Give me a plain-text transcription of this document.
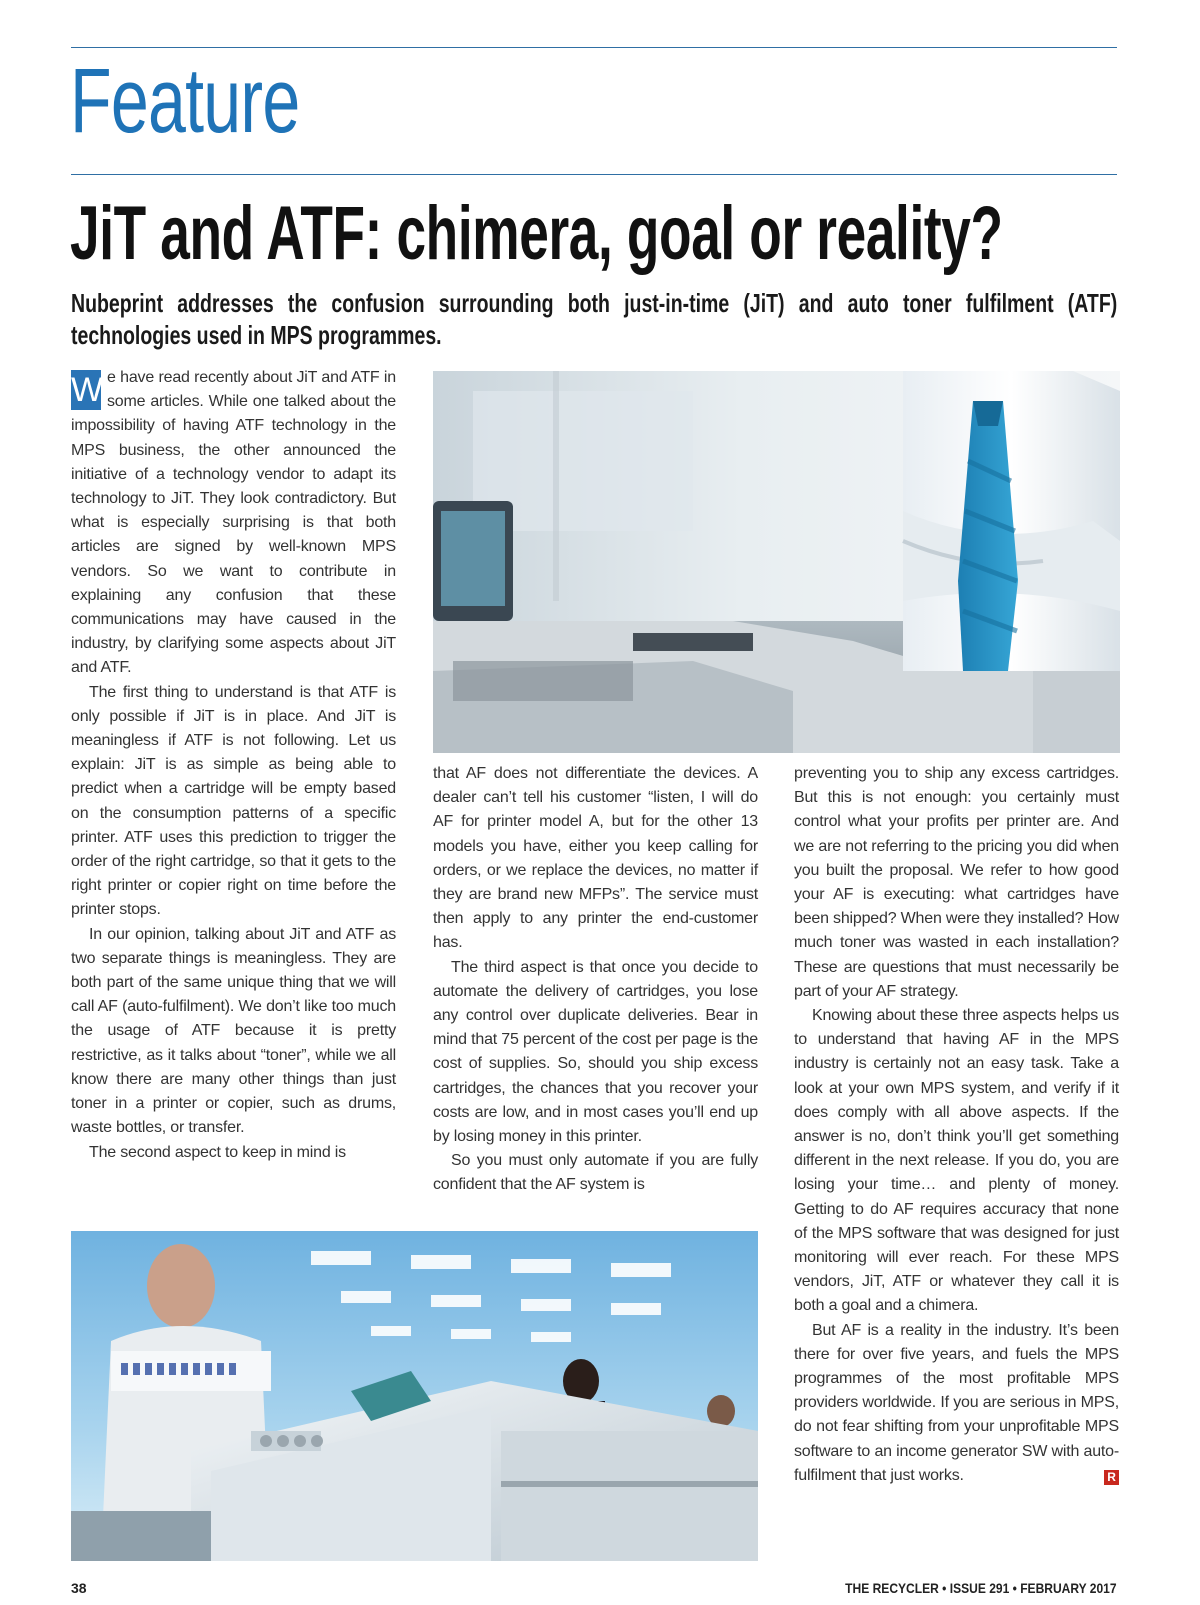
Feature
JiT and ATF: chimera, goal or reality?

Nubeprint addresses the confusion surrounding both just-in-time (JiT) and auto toner fulfilment (ATF) technologies used in MPS programmes.

W e have read recently about JiT and ATF in some articles. While one talked about the impossibility of having ATF technology in the MPS business, the other announced the initiative of a technology vendor to adapt its technology to JiT. They look contradictory. But what is especially surprising is that both articles are signed by well-known MPS vendors. So we want to contribute in explaining any confusion that these communications may have caused in the industry, by clarifying some aspects about JiT and ATF.

The first thing to understand is that ATF is only possible if JiT is in place. And JiT is meaningless if ATF is not following. Let us explain: JiT is as simple as being able to predict when a cartridge will be empty based on the consumption patterns of a specific printer. ATF uses this prediction to trigger the order of the right cartridge, so that it gets to the right printer or copier right on time before the printer stops.

In our opinion, talking about JiT and ATF as two separate things is meaningless. They are both part of the same unique thing that we will call AF (auto-fulfilment). We don’t like too much the usage of ATF because it is pretty restrictive, as it talks about “toner”, while we all know there are many other things than just toner in a printer or copier, such as drums, waste bottles, or transfer.

The second aspect to keep in mind is

that AF does not differentiate the devices. A dealer can’t tell his customer “listen, I will do AF for printer model A, but for the other 13 models you have, either you keep calling for orders, or we replace the devices, no matter if they are brand new MFPs”. The service must then apply to any printer the end-customer has.

The third aspect is that once you decide to automate the delivery of cartridges, you lose any control over duplicate deliveries. Bear in mind that 75 percent of the cost per page is the cost of supplies. So, should you ship excess cartridges, the chances that you recover your costs are low, and in most cases you’ll end up by losing money in this printer.

So you must only automate if you are fully confident that the AF system is

preventing you to ship any excess cartridges. But this is not enough: you certainly must control what your profits per printer are. And we are not referring to the pricing you did when you built the proposal. We refer to how good your AF is executing: what cartridges have been shipped? When were they installed? How much toner was wasted in each installation? These are questions that must necessarily be part of your AF strategy.

Knowing about these three aspects helps us to understand that having AF in the MPS industry is certainly not an easy task. Take a look at your own MPS system, and verify if it does comply with all above aspects. If the answer is no, don’t think you’ll get something different in the next release. If you do, you are losing your time… and plenty of money. Getting to do AF requires accuracy that none of the MPS software that was designed for just monitoring will ever reach. For these MPS vendors, JiT, ATF or whatever they call it is both a goal and a chimera.

But AF is a reality in the industry. It’s been there for over five years, and fuels the MPS programmes of the most profitable MPS providers worldwide. If you are serious in MPS, do not fear shifting from your unprofitable MPS software to an income generator SW with auto-fulfilment that just works.	R

38	THE RECYCLER • ISSUE 291 • FEBRUARY 2017
